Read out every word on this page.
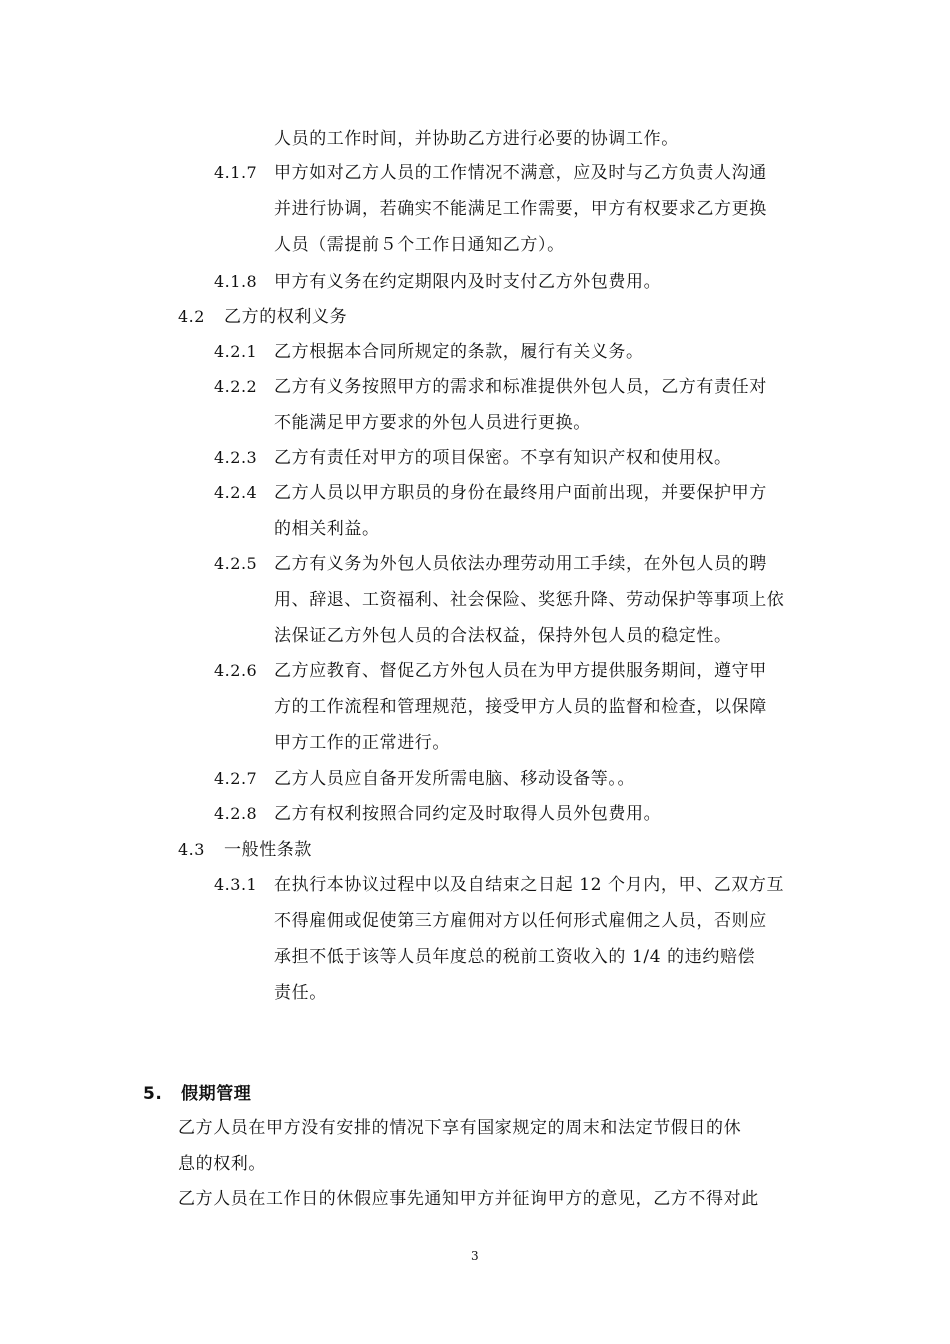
人员的工作时间，并协助乙方进行必要的协调工作。
4.1.7 甲方如对乙方人员的工作情况不满意，应及时与乙方负责人沟通
并进行协调，若确实不能满足工作需要，甲方有权要求乙方更换
人员（需提前５个工作日通知乙方）。
4.1.8 甲方有义务在约定期限内及时支付乙方外包费用。
4.2 乙方的权利义务
4.2.1 乙方根据本合同所规定的条款，履行有关义务。
4.2.2 乙方有义务按照甲方的需求和标准提供外包人员，乙方有责任对
不能满足甲方要求的外包人员进行更换。
4.2.3 乙方有责任对甲方的项目保密。不享有知识产权和使用权。
4.2.4 乙方人员以甲方职员的身份在最终用户面前出现，并要保护甲方
的相关利益。
4.2.5 乙方有义务为外包人员依法办理劳动用工手续，在外包人员的聘
用、辞退、工资福利、社会保险、奖惩升降、劳动保护等事项上依
法保证乙方外包人员的合法权益，保持外包人员的稳定性。
4.2.6 乙方应教育、督促乙方外包人员在为甲方提供服务期间，遵守甲
方的工作流程和管理规范，接受甲方人员的监督和检查，以保障
甲方工作的正常进行。
4.2.7 乙方人员应自备开发所需电脑、移动设备等。。
4.2.8 乙方有权利按照合同约定及时取得人员外包费用。
4.3 一般性条款
4.3.1 在执行本协议过程中以及自结束之日起 12 个月内，甲、乙双方互
不得雇佣或促使第三方雇佣对方以任何形式雇佣之人员，否则应
承担不低于该等人员年度总的税前工资收入的 1/4 的违约赔偿
责任。
5. 假期管理
乙方人员在甲方没有安排的情况下享有国家规定的周末和法定节假日的休
息的权利。
乙方人员在工作日的休假应事先通知甲方并征询甲方的意见，乙方不得对此
3
